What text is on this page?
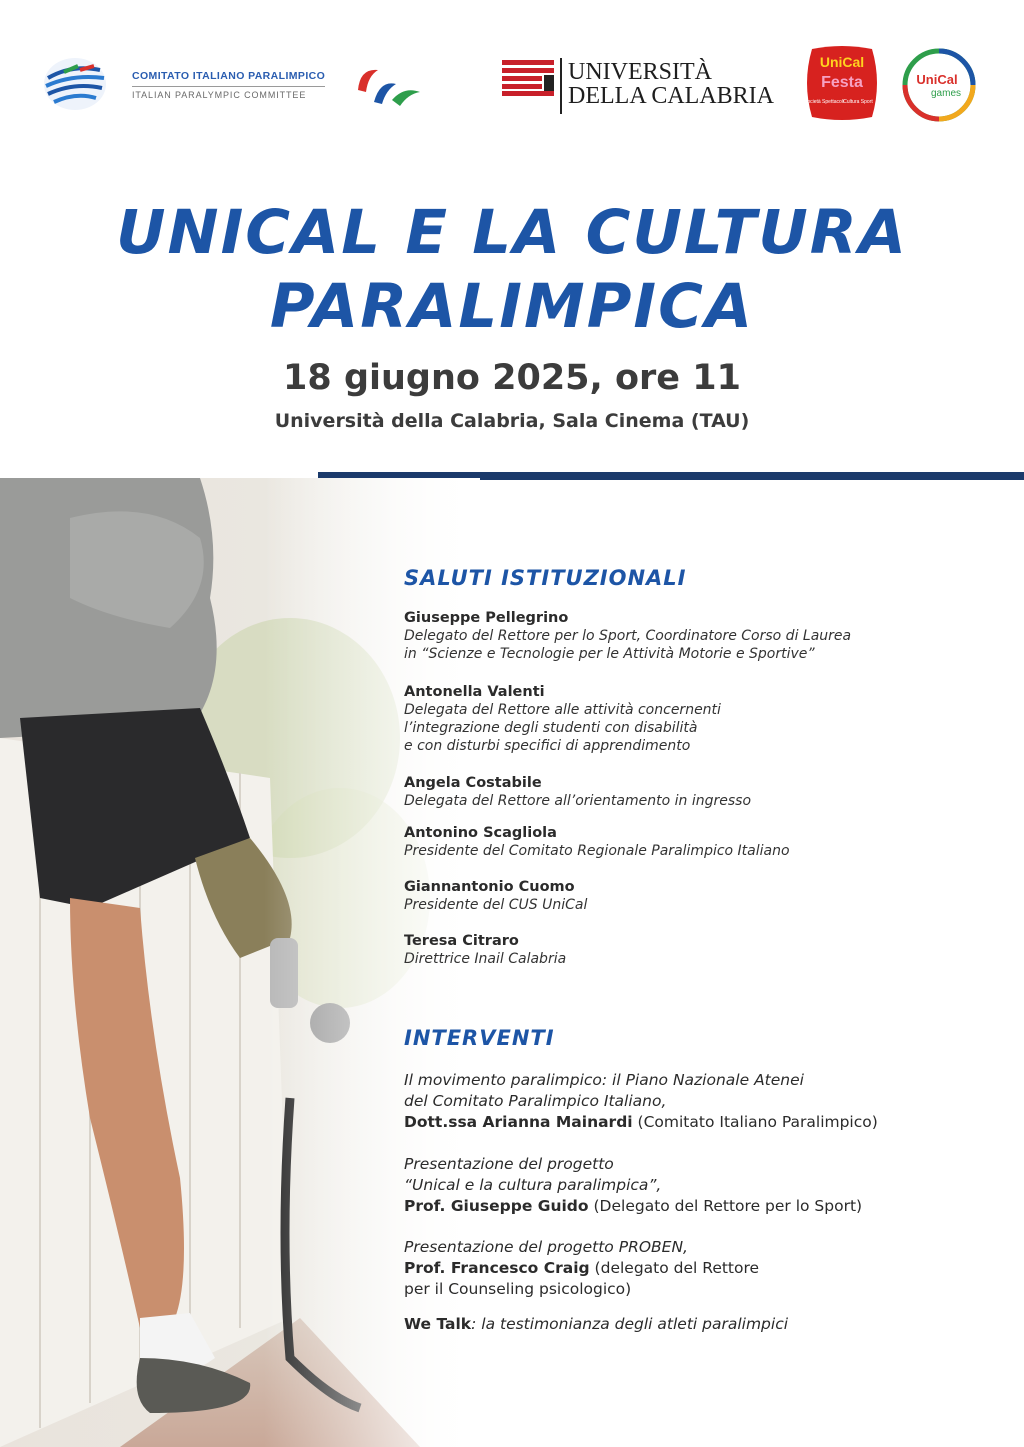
COMITATO ITALIANO PARALIMPICO
ITALIAN PARALYMPIC COMMITTEE
UNIVERSITÀ
DELLA CALABRIA
UniCal
Festa
Società Spettacoli Cultura Sport
UniCal
games
UNICAL E LA CULTURA
PARALIMPICA
18 giugno 2025, ore 11
Università della Calabria, Sala Cinema (TAU)
SALUTI ISTITUZIONALI
Giuseppe Pellegrino
Delegato del Rettore per lo Sport, Coordinatore Corso di Laurea
in “Scienze e Tecnologie per le Attività Motorie e Sportive”
Antonella Valenti
Delegata del Rettore alle attività concernenti
l’integrazione degli studenti con disabilità
e con disturbi specifici di apprendimento
Angela Costabile
Delegata del Rettore all’orientamento in ingresso
Antonino Scagliola
Presidente del Comitato Regionale Paralimpico Italiano
Giannantonio Cuomo
Presidente del CUS UniCal
Teresa Citraro
Direttrice Inail Calabria
INTERVENTI
Il movimento paralimpico: il Piano Nazionale Atenei
del Comitato Paralimpico Italiano,
Dott.ssa Arianna Mainardi (Comitato Italiano Paralimpico)
Presentazione del progetto
“Unical e la cultura paralimpica”,
Prof. Giuseppe Guido (Delegato del Rettore per lo Sport)
Presentazione del progetto PROBEN,
Prof. Francesco Craig (delegato del Rettore
per il Counseling psicologico)
We Talk: la testimonianza degli atleti paralimpici
